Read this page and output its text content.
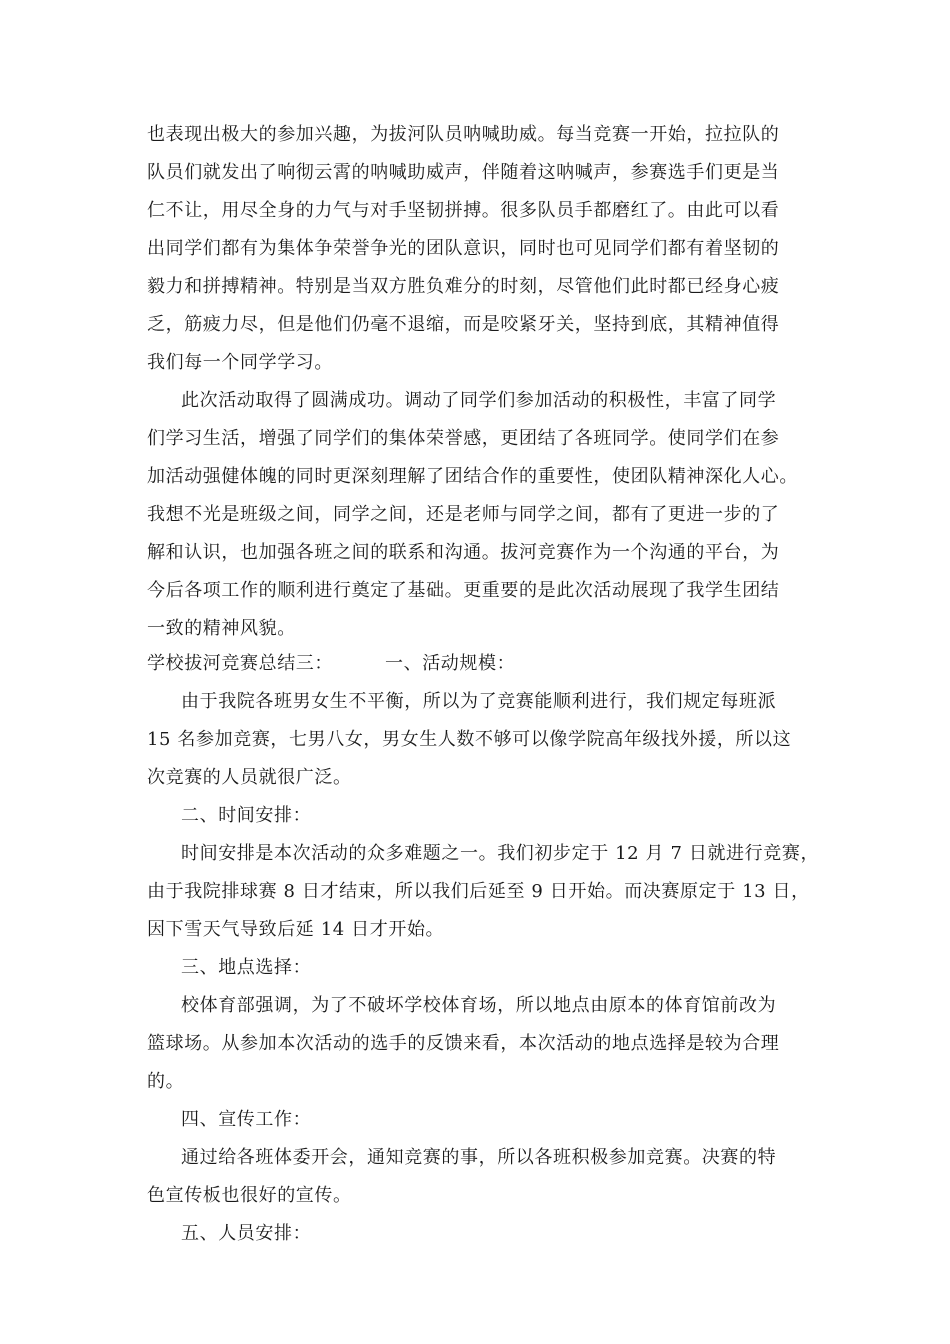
也表现出极大的参加兴趣，为拔河队员呐喊助威。每当竞赛一开始，拉拉队的
队员们就发出了响彻云霄的呐喊助威声，伴随着这呐喊声，参赛选手们更是当
仁不让，用尽全身的力气与对手坚韧拼搏。很多队员手都磨红了。由此可以看
出同学们都有为集体争荣誉争光的团队意识，同时也可见同学们都有着坚韧的
毅力和拼搏精神。特别是当双方胜负难分的时刻，尽管他们此时都已经身心疲
乏，筋疲力尽，但是他们仍毫不退缩，而是咬紧牙关，坚持到底，其精神值得
我们每一个同学学习。
此次活动取得了圆满成功。调动了同学们参加活动的积极性，丰富了同学
们学习生活，增强了同学们的集体荣誉感，更团结了各班同学。使同学们在参
加活动强健体魄的同时更深刻理解了团结合作的重要性，使团队精神深化人心。
我想不光是班级之间，同学之间，还是老师与同学之间，都有了更进一步的了
解和认识，也加强各班之间的联系和沟通。拔河竞赛作为一个沟通的平台，为
今后各项工作的顺利进行奠定了基础。更重要的是此次活动展现了我学生团结
一致的精神风貌。
学校拔河竞赛总结三：	一、活动规模：
由于我院各班男女生不平衡，所以为了竞赛能顺利进行，我们规定每班派
15 名参加竞赛，七男八女，男女生人数不够可以像学院高年级找外援，所以这
次竞赛的人员就很广泛。
二、时间安排：
时间安排是本次活动的众多难题之一。我们初步定于 12 月 7 日就进行竞赛，
由于我院排球赛 8 日才结束，所以我们后延至 9 日开始。而决赛原定于 13 日，
因下雪天气导致后延 14 日才开始。
三、地点选择：
校体育部强调，为了不破坏学校体育场，所以地点由原本的体育馆前改为
篮球场。从参加本次活动的选手的反馈来看，本次活动的地点选择是较为合理
的。
四、宣传工作：
通过给各班体委开会，通知竞赛的事，所以各班积极参加竞赛。决赛的特
色宣传板也很好的宣传。
五、人员安排：
